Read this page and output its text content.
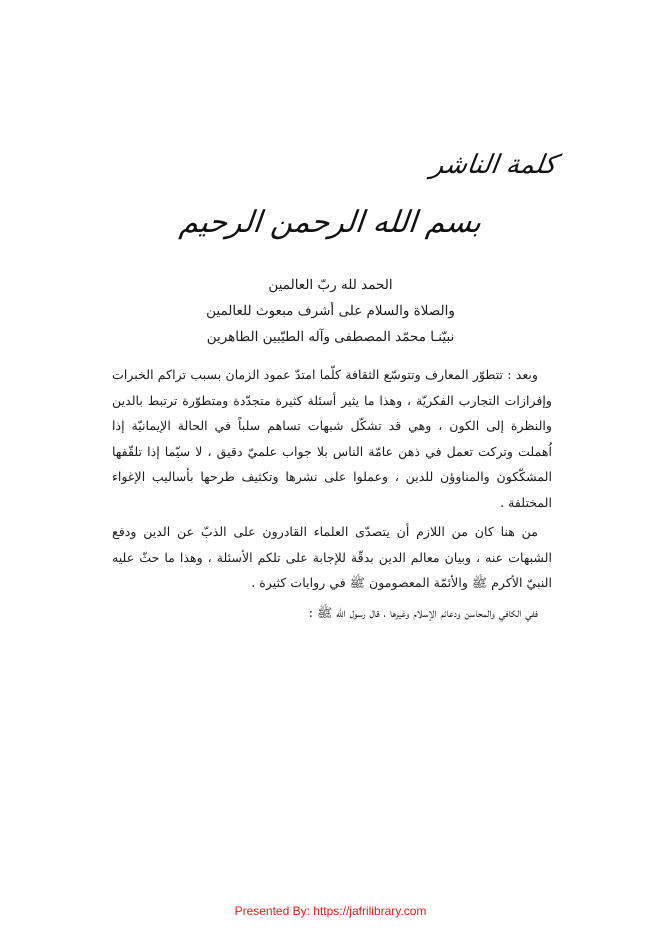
كلمة الناشر
بسم الله الرحمن الرحيم
الحمد لله ربّ العالمين
والصلاة والسلام على أشرف مبعوث للعالمين
نبيّنـا محمّد المصطفى وآله الطيّبين الطاهرين

وبعد : تتطوّر المعارف وتتوسّع الثقافة كلّما امتدّ عمود الزمان بسبب تراكم الخبرات وإفرازات التجارب الفكريّة ، وهذا ما يثير أسئلة كثيرة متجدّدة ومتطوّرة ترتبط بالدين والنظرة إلى الكون ، وهي قد تشكّل شبهات تساهم سلباً في الحالة الإيمانيّة إذا اُهملت وتركت تعمل في ذهن عامّة الناس بلا جواب علميّ دقيق ، لا سيّما إذا تلقّفها المشكّكون والمناوؤن للدين ، وعملوا على نشرها وتكثيف طرحها بأساليب الإغواء المختلفة .

من هنا كان من اللازم أن يتصدّى العلماء القادرون على الذبّ عن الدين ودفع الشبهات عنه ، وبيان معالم الدين بدقّة للإجابة على تلكم الأسئلة ، وهذا ما حثّ عليه النبيّ الأكرم ﷺ والأئمّة المعصومون ﷺ في روايات كثيرة .

ففي الكافي والمحاسن ودعائم الإسلام وغيرها ، قال رسول الله ﷺ :

Presented By: https://jafrilibrary.com
